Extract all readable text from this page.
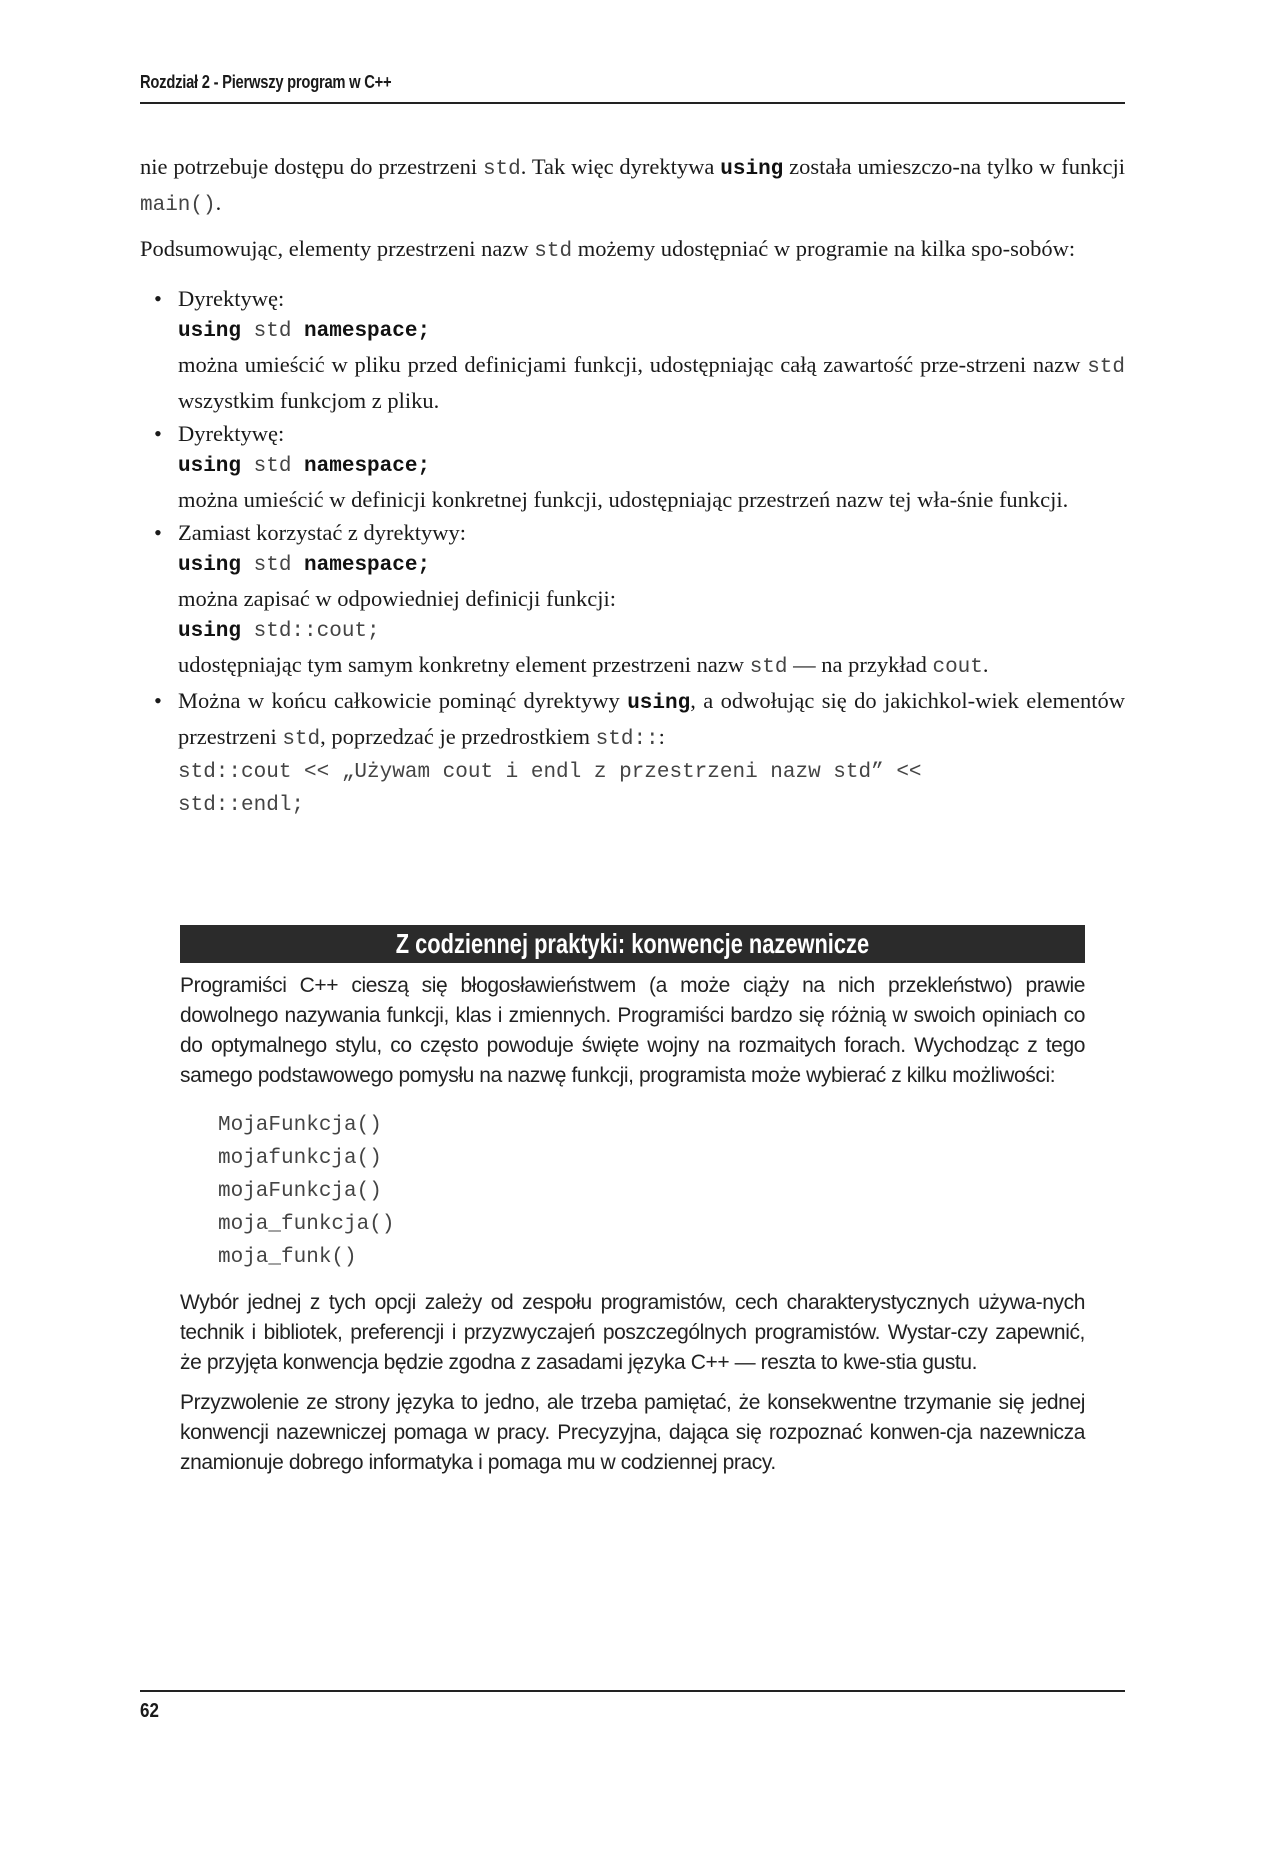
Rozdział 2 - Pierwszy program w C++

nie potrzebuje dostępu do przestrzeni std. Tak więc dyrektywa using została umieszczo-na tylko w funkcji main().

Podsumowując, elementy przestrzeni nazw std możemy udostępniać w programie na kilka spo-sobów:

• Dyrektywę:
using std namespace;
można umieścić w pliku przed definicjami funkcji, udostępniając całą zawartość prze-strzeni nazw std wszystkim funkcjom z pliku.
• Dyrektywę:
using std namespace;
można umieścić w definicji konkretnej funkcji, udostępniając przestrzeń nazw tej wła-śnie funkcji.
• Zamiast korzystać z dyrektywy:
using std namespace;
można zapisać w odpowiedniej definicji funkcji:
using std::cout;
udostępniając tym samym konkretny element przestrzeni nazw std — na przykład cout.
• Można w końcu całkowicie pominąć dyrektywy using, a odwołując się do jakichkol-wiek elementów przestrzeni std, poprzedzać je przedrostkiem std:::
std::cout << „Używam cout i endl z przestrzeni nazw std” <<
std::endl;
Z codziennej praktyki: konwencje nazewnicze

Programiści C++ cieszą się błogosławieństwem (a może ciąży na nich przekleństwo) prawie dowolnego nazywania funkcji, klas i zmiennych. Programiści bardzo się różnią w swoich opiniach co do optymalnego stylu, co często powoduje święte wojny na rozmaitych forach. Wychodząc z tego samego podstawowego pomysłu na nazwę funkcji, programista może wybierać z kilku możliwości:

MojaFunkcja()
mojafunkcja()
mojaFunkcja()
moja_funkcja()
moja_funk()

Wybór jednej z tych opcji zależy od zespołu programistów, cech charakterystycznych używa-nych technik i bibliotek, preferencji i przyzwyczajeń poszczególnych programistów. Wystar-czy zapewnić, że przyjęta konwencja będzie zgodna z zasadami języka C++ — reszta to kwe-stia gustu.

Przyzwolenie ze strony języka to jedno, ale trzeba pamiętać, że konsekwentne trzymanie się jednej konwencji nazewniczej pomaga w pracy. Precyzyjna, dająca się rozpoznać konwen-cja nazewnicza znamionuje dobrego informatyka i pomaga mu w codziennej pracy.

62
